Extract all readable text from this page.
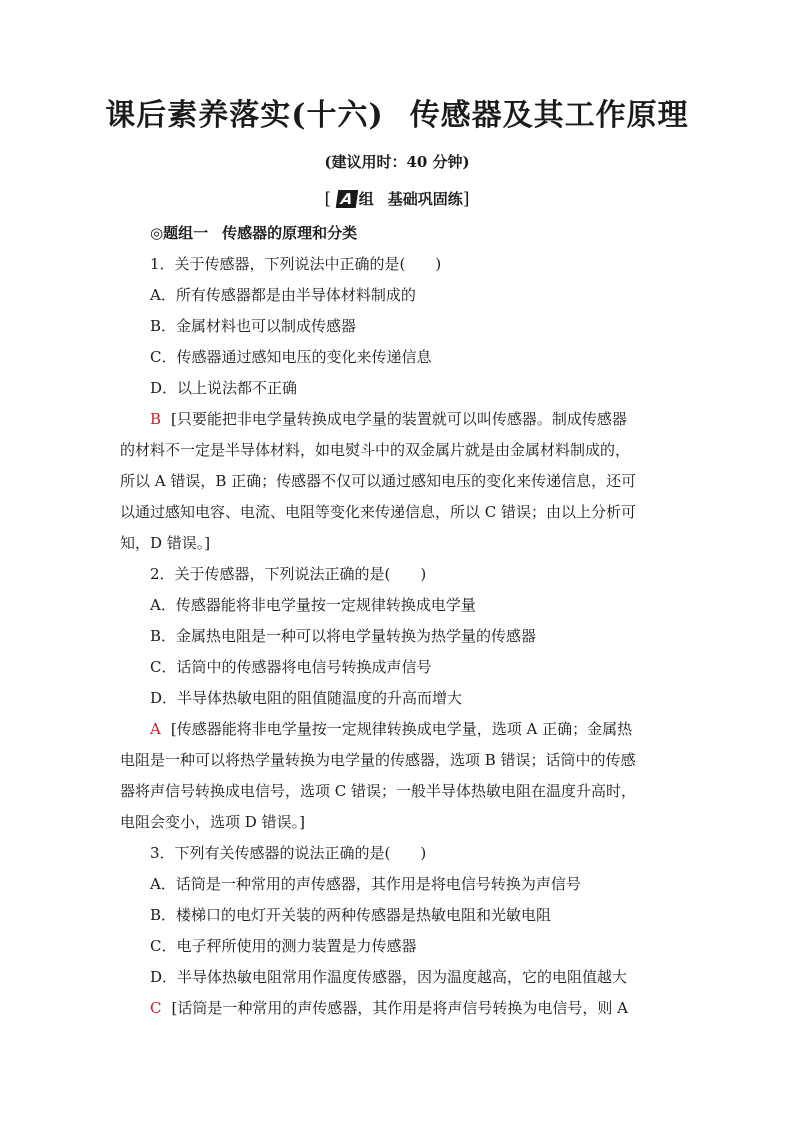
课后素养落实(十六) 传感器及其工作原理
(建议用时：40 分钟)
[ A 组 基础巩固练]
◎题组一 传感器的原理和分类
1．关于传感器，下列说法中正确的是(　　)
A．所有传感器都是由半导体材料制成的
B．金属材料也可以制成传感器
C．传感器通过感知电压的变化来传递信息
D．以上说法都不正确
B [只要能把非电学量转换成电学量的装置就可以叫传感器。制成传感器
的材料不一定是半导体材料，如电熨斗中的双金属片就是由金属材料制成的，
所以 A 错误，B 正确；传感器不仅可以通过感知电压的变化来传递信息，还可
以通过感知电容、电流、电阻等变化来传递信息，所以 C 错误；由以上分析可
知，D 错误。]
2．关于传感器，下列说法正确的是(　　)
A．传感器能将非电学量按一定规律转换成电学量
B．金属热电阻是一种可以将电学量转换为热学量的传感器
C．话筒中的传感器将电信号转换成声信号
D．半导体热敏电阻的阻值随温度的升高而增大
A [传感器能将非电学量按一定规律转换成电学量，选项 A 正确；金属热
电阻是一种可以将热学量转换为电学量的传感器，选项 B 错误；话筒中的传感
器将声信号转换成电信号，选项 C 错误；一般半导体热敏电阻在温度升高时，
电阻会变小，选项 D 错误。]
3．下列有关传感器的说法正确的是(　　)
A．话筒是一种常用的声传感器，其作用是将电信号转换为声信号
B．楼梯口的电灯开关装的两种传感器是热敏电阻和光敏电阻
C．电子秤所使用的测力装置是力传感器
D．半导体热敏电阻常用作温度传感器，因为温度越高，它的电阻值越大
C [话筒是一种常用的声传感器，其作用是将声信号转换为电信号，则 A
